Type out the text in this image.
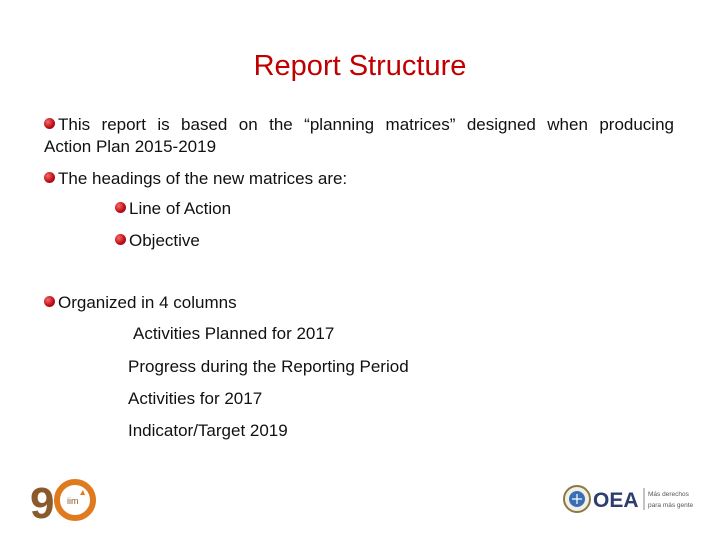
Report Structure
This report is based on the “planning matrices” designed when producing
Action Plan 2015-2019
The headings of the new matrices are:
Line of Action
Objective
Organized in 4 columns
Activities Planned for 2017
Progress during the Reporting Period
Activities for 2017
Indicator/Target 2019
9 iim	OEA Más derechos
para más gente
